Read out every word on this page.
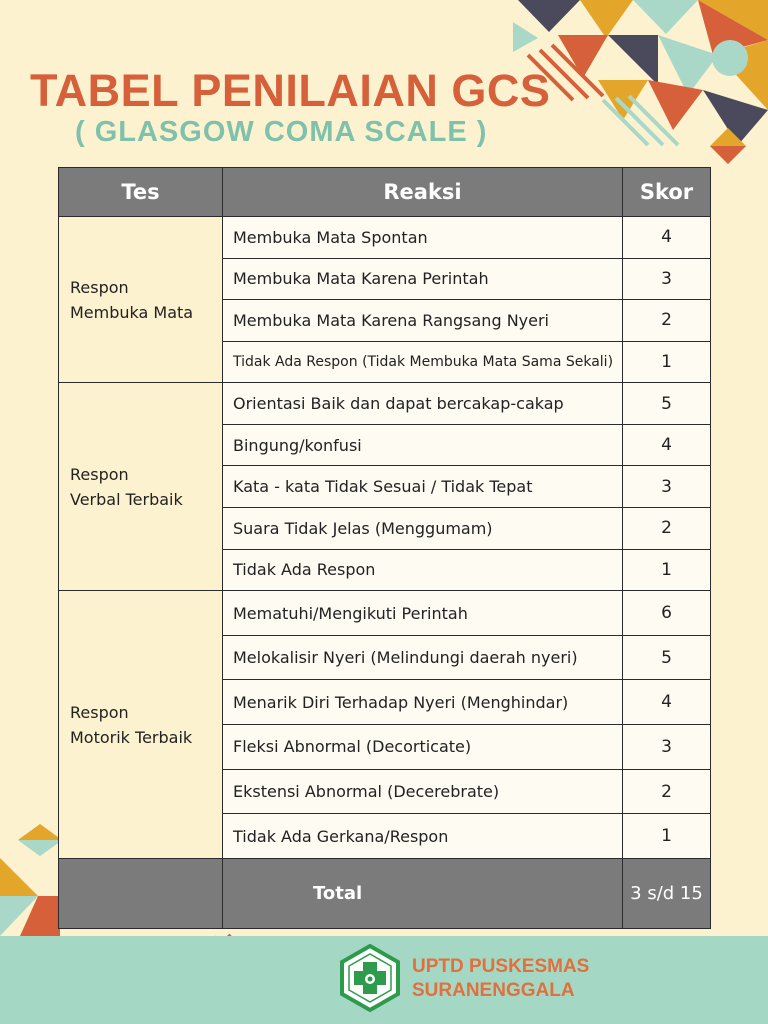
TABEL PENILAIAN GCS
( GLASGOW COMA SCALE )
Tes	Reaksi	Skor

Respon
Membuka Mata	Membuka Mata Spontan	4
	Membuka Mata Karena Perintah	3
	Membuka Mata Karena Rangsang Nyeri	2
	Tidak Ada Respon (Tidak Membuka Mata Sama Sekali)	1

Respon
Verbal Terbaik	Orientasi Baik dan dapat bercakap-cakap	5
	Bingung/konfusi	4
	Kata - kata Tidak Sesuai / Tidak Tepat	3
	Suara Tidak Jelas (Menggumam)	2
	Tidak Ada Respon	1

Respon
Motorik Terbaik	Mematuhi/Mengikuti Perintah	6
	Melokalisir Nyeri (Melindungi daerah nyeri)	5
	Menarik Diri Terhadap Nyeri (Menghindar)	4
	Fleksi Abnormal (Decorticate)	3
	Ekstensi Abnormal (Decerebrate)	2
	Tidak Ada Gerkana/Respon	1
	Total	3 s/d 15
UPTD PUSKESMAS
SURANENGGALA
